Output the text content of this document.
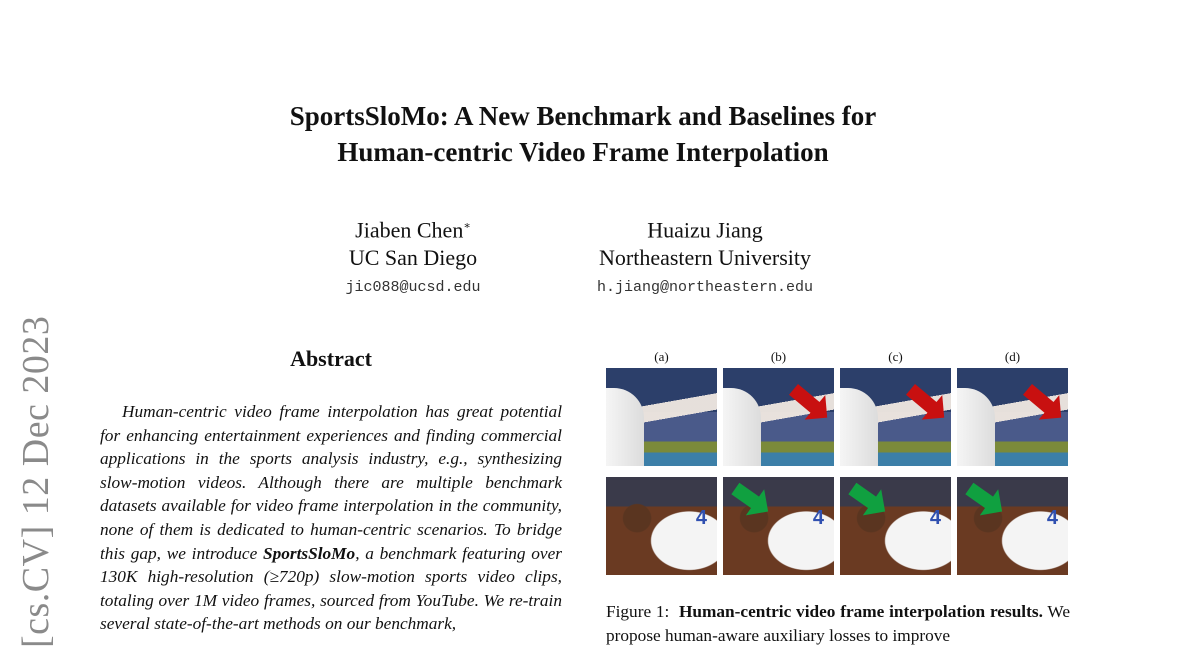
[cs.CV] 12 Dec 2023
SportsSloMo: A New Benchmark and Baselines for
Human-centric Video Frame Interpolation
Jiaben Chen∗
UC San Diego
jic088@ucsd.edu
Huaizu Jiang
Northeastern University
h.jiang@northeastern.edu
Abstract
Human-centric video frame interpolation has great potential for enhancing entertainment experiences and finding commercial applications in the sports analysis industry, e.g., synthesizing slow-motion videos. Although there are multiple benchmark datasets available for video frame interpolation in the community, none of them is dedicated to human-centric scenarios. To bridge this gap, we introduce SportsSloMo, a benchmark featuring over 130K high-resolution (≥720p) slow-motion sports video clips, totaling over 1M video frames, sourced from YouTube. We re-train several state-of-the-art methods on our benchmark,
(a)	(b)	(c)	(d)
4	4	4	4
Figure 1: Human-centric video frame interpolation results. We propose human-aware auxiliary losses to improve
